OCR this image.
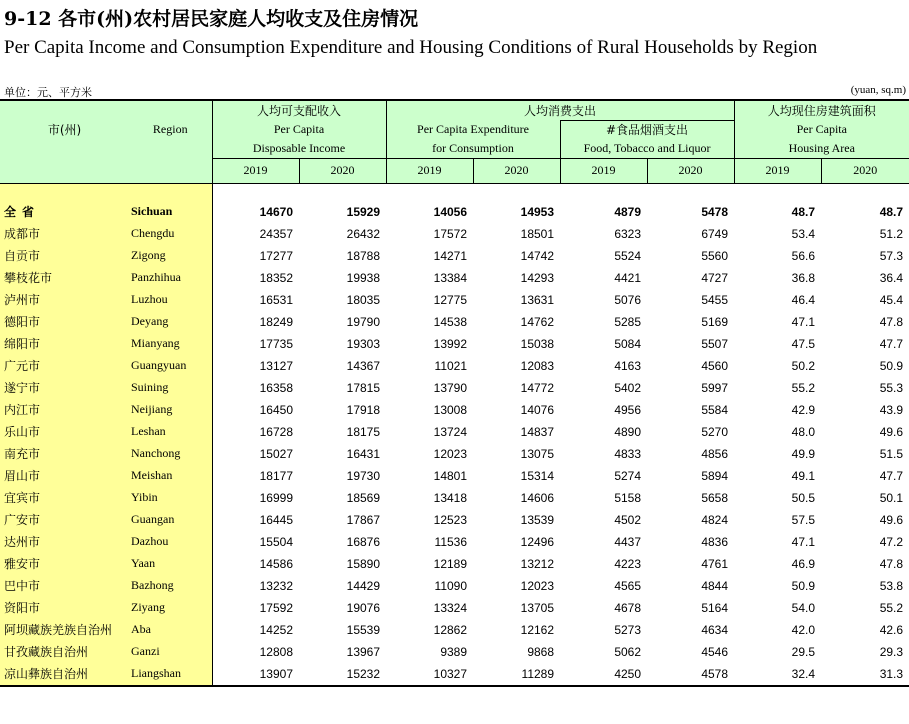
9-12 各市(州)农村居民家庭人均收支及住房情况
Per Capita Income and Consumption Expenditure and Housing Conditions of Rural Households by Region
单位：元、平方米	(yuan, sq.m)
市(州)	Region	人均可支配收入		人均消费支出				人均现住房建筑面积	
		Per Capita		Per Capita Expenditure		#食品烟酒支出		Per Capita	
		Disposable Income		for Consumption		Food, Tobacco and Liquor		Housing Area	
		2019	2020	2019	2020	2019	2020	2019	2020

全省	Sichuan	14670	15929	14056	14953	4879	5478	48.7	48.7
成都市	Chengdu	24357	26432	17572	18501	6323	6749	53.4	51.2
自贡市	Zigong	17277	18788	14271	14742	5524	5560	56.6	57.3
攀枝花市	Panzhihua	18352	19938	13384	14293	4421	4727	36.8	36.4
泸州市	Luzhou	16531	18035	12775	13631	5076	5455	46.4	45.4
德阳市	Deyang	18249	19790	14538	14762	5285	5169	47.1	47.8
绵阳市	Mianyang	17735	19303	13992	15038	5084	5507	47.5	47.7
广元市	Guangyuan	13127	14367	11021	12083	4163	4560	50.2	50.9
遂宁市	Suining	16358	17815	13790	14772	5402	5997	55.2	55.3
内江市	Neijiang	16450	17918	13008	14076	4956	5584	42.9	43.9
乐山市	Leshan	16728	18175	13724	14837	4890	5270	48.0	49.6
南充市	Nanchong	15027	16431	12023	13075	4833	4856	49.9	51.5
眉山市	Meishan	18177	19730	14801	15314	5274	5894	49.1	47.7
宜宾市	Yibin	16999	18569	13418	14606	5158	5658	50.5	50.1
广安市	Guangan	16445	17867	12523	13539	4502	4824	57.5	49.6
达州市	Dazhou	15504	16876	11536	12496	4437	4836	47.1	47.2
雅安市	Yaan	14586	15890	12189	13212	4223	4761	46.9	47.8
巴中市	Bazhong	13232	14429	11090	12023	4565	4844	50.9	53.8
资阳市	Ziyang	17592	19076	13324	13705	4678	5164	54.0	55.2
阿坝藏族羌族自治州	Aba	14252	15539	12862	12162	5273	4634	42.0	42.6
甘孜藏族自治州	Ganzi	12808	13967	9389	9868	5062	4546	29.5	29.3
凉山彝族自治州	Liangshan	13907	15232	10327	11289	4250	4578	32.4	31.3
